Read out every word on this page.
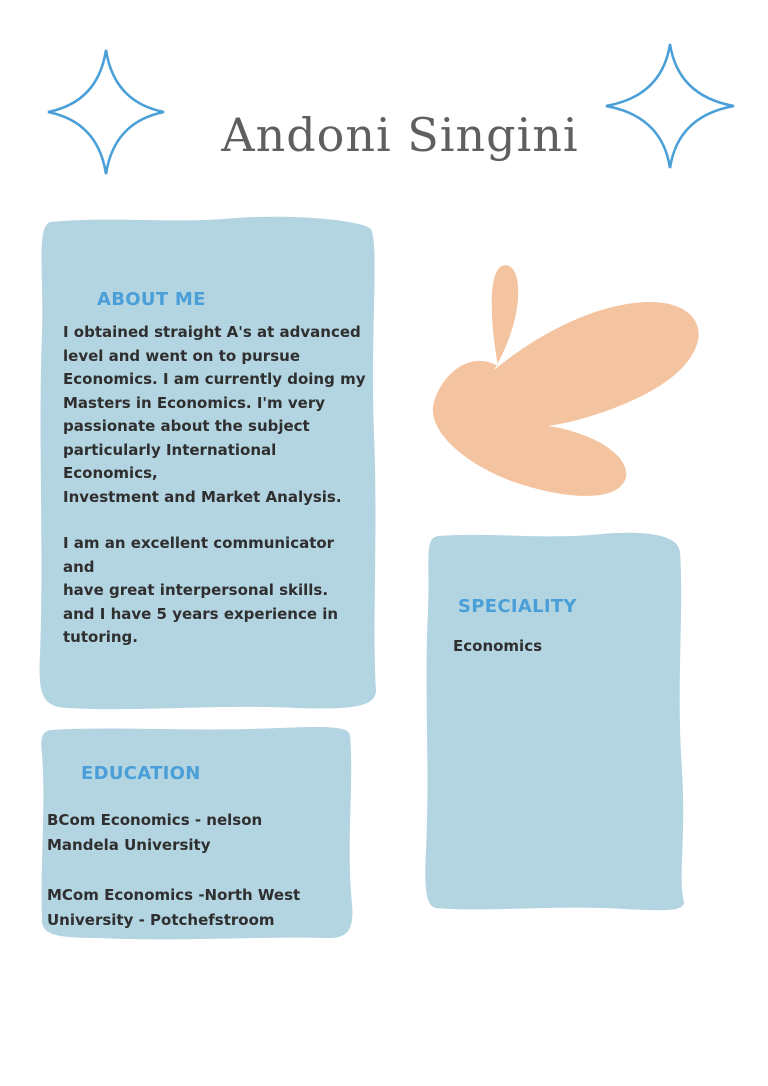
Andoni Singini
ABOUT ME

I obtained straight A's at advanced
level and went on to pursue
Economics. I am currently doing my
Masters in Economics. I'm very
passionate about the subject
particularly International Economics,
Investment and Market Analysis.

I am an excellent communicator and
have great interpersonal skills.
and I have 5 years experience in
tutoring.

SPECIALITY
Economics
EDUCATION

BCom Economics - nelson
Mandela University

MCom Economics -North West
University - Potchefstroom
